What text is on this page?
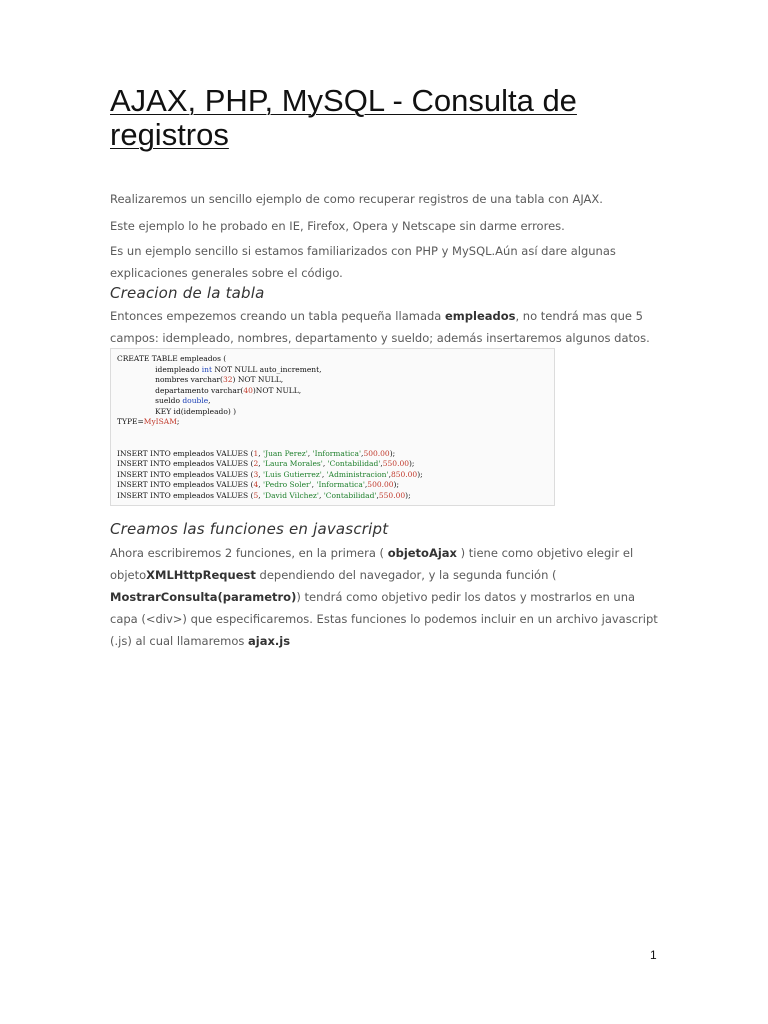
AJAX, PHP, MySQL - Consulta de registros

Realizaremos un sencillo ejemplo de como recuperar registros de una tabla con AJAX.

Este ejemplo lo he probado en IE, Firefox, Opera y Netscape sin darme errores.

Es un ejemplo sencillo si estamos familiarizados con PHP y MySQL.Aún así dare algunas explicaciones generales sobre el código.

Creacion de la tabla

Entonces empezemos creando un tabla pequeña llamada empleados, no tendrá mas que 5 campos: idempleado, nombres, departamento y sueldo; además insertaremos algunos datos.

CREATE TABLE empleados (
idempleado int NOT NULL auto_increment,
nombres varchar(32) NOT NULL,
departamento varchar(40)NOT NULL,
sueldo double,
KEY id(idempleado) )
TYPE=MyISAM;
INSERT INTO empleados VALUES (1, 'Juan Perez', 'Informatica',500.00);
INSERT INTO empleados VALUES (2, 'Laura Morales', 'Contabilidad',550.00);
INSERT INTO empleados VALUES (3, 'Luis Gutierrez', 'Administracion',850.00);
INSERT INTO empleados VALUES (4, 'Pedro Soler', 'Informatica',500.00);
INSERT INTO empleados VALUES (5, 'David Vilchez', 'Contabilidad',550.00);
Creamos las funciones en javascript

Ahora escribiremos 2 funciones, en la primera ( objetoAjax ) tiene como objetivo elegir el objetoXMLHttpRequest dependiendo del navegador, y la segunda función ( MostrarConsulta(parametro)) tendrá como objetivo pedir los datos y mostrarlos en una capa (<div>) que especificaremos. Estas funciones lo podemos incluir en un archivo javascript (.js) al cual llamaremos ajax.js

1
